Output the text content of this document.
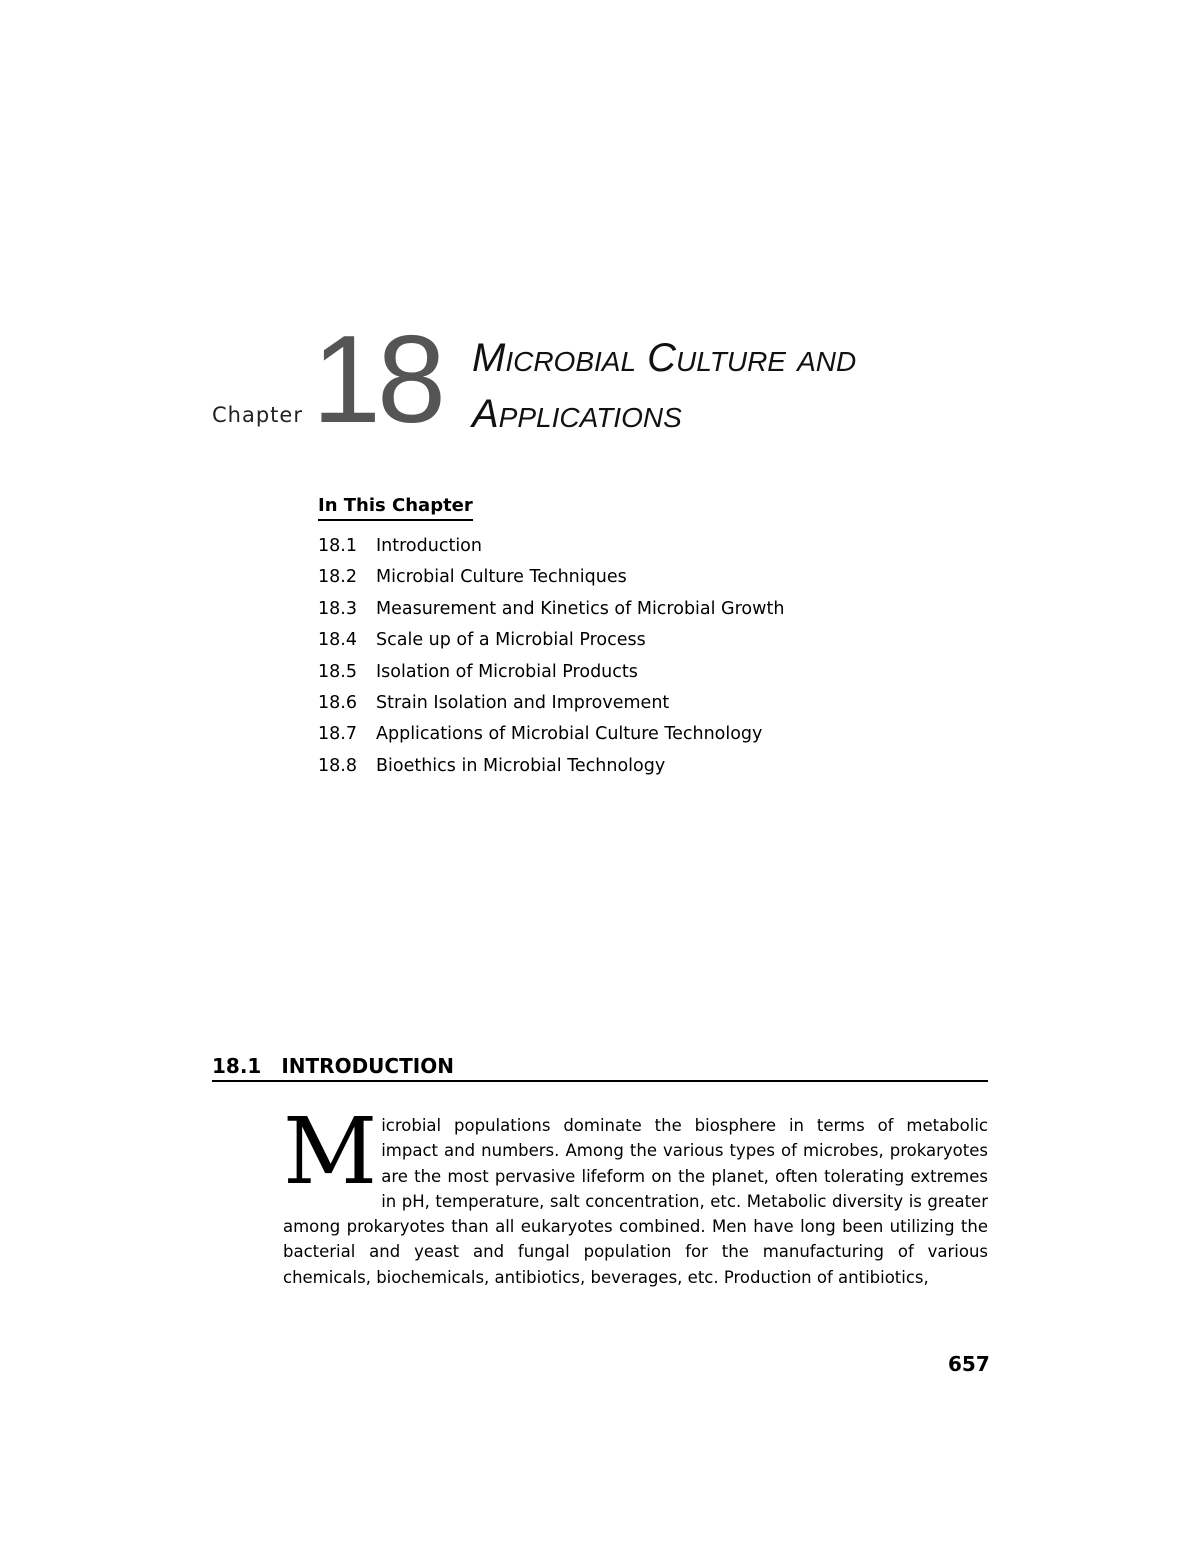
Chapter 18 Microbial Culture and
Applications
In This Chapter
18.1	Introduction
18.2	Microbial Culture Techniques
18.3	Measurement and Kinetics of Microbial Growth
18.4	Scale up of a Microbial Process
18.5	Isolation of Microbial Products
18.6	Strain Isolation and Improvement
18.7	Applications of Microbial Culture Technology
18.8	Bioethics in Microbial Technology
18.1 INTRODUCTION
Microbial populations dominate the biosphere in terms of metabolic impact and numbers. Among the various types of microbes, prokaryotes are the most pervasive lifeform on the planet, often tolerating extremes in pH, temperature, salt concentration, etc. Metabolic diversity is greater among prokaryotes than all eukaryotes combined. Men have long been utilizing the bacterial and yeast and fungal population for the manufacturing of various chemicals, biochemicals, antibiotics, beverages, etc. Production of antibiotics,
657
